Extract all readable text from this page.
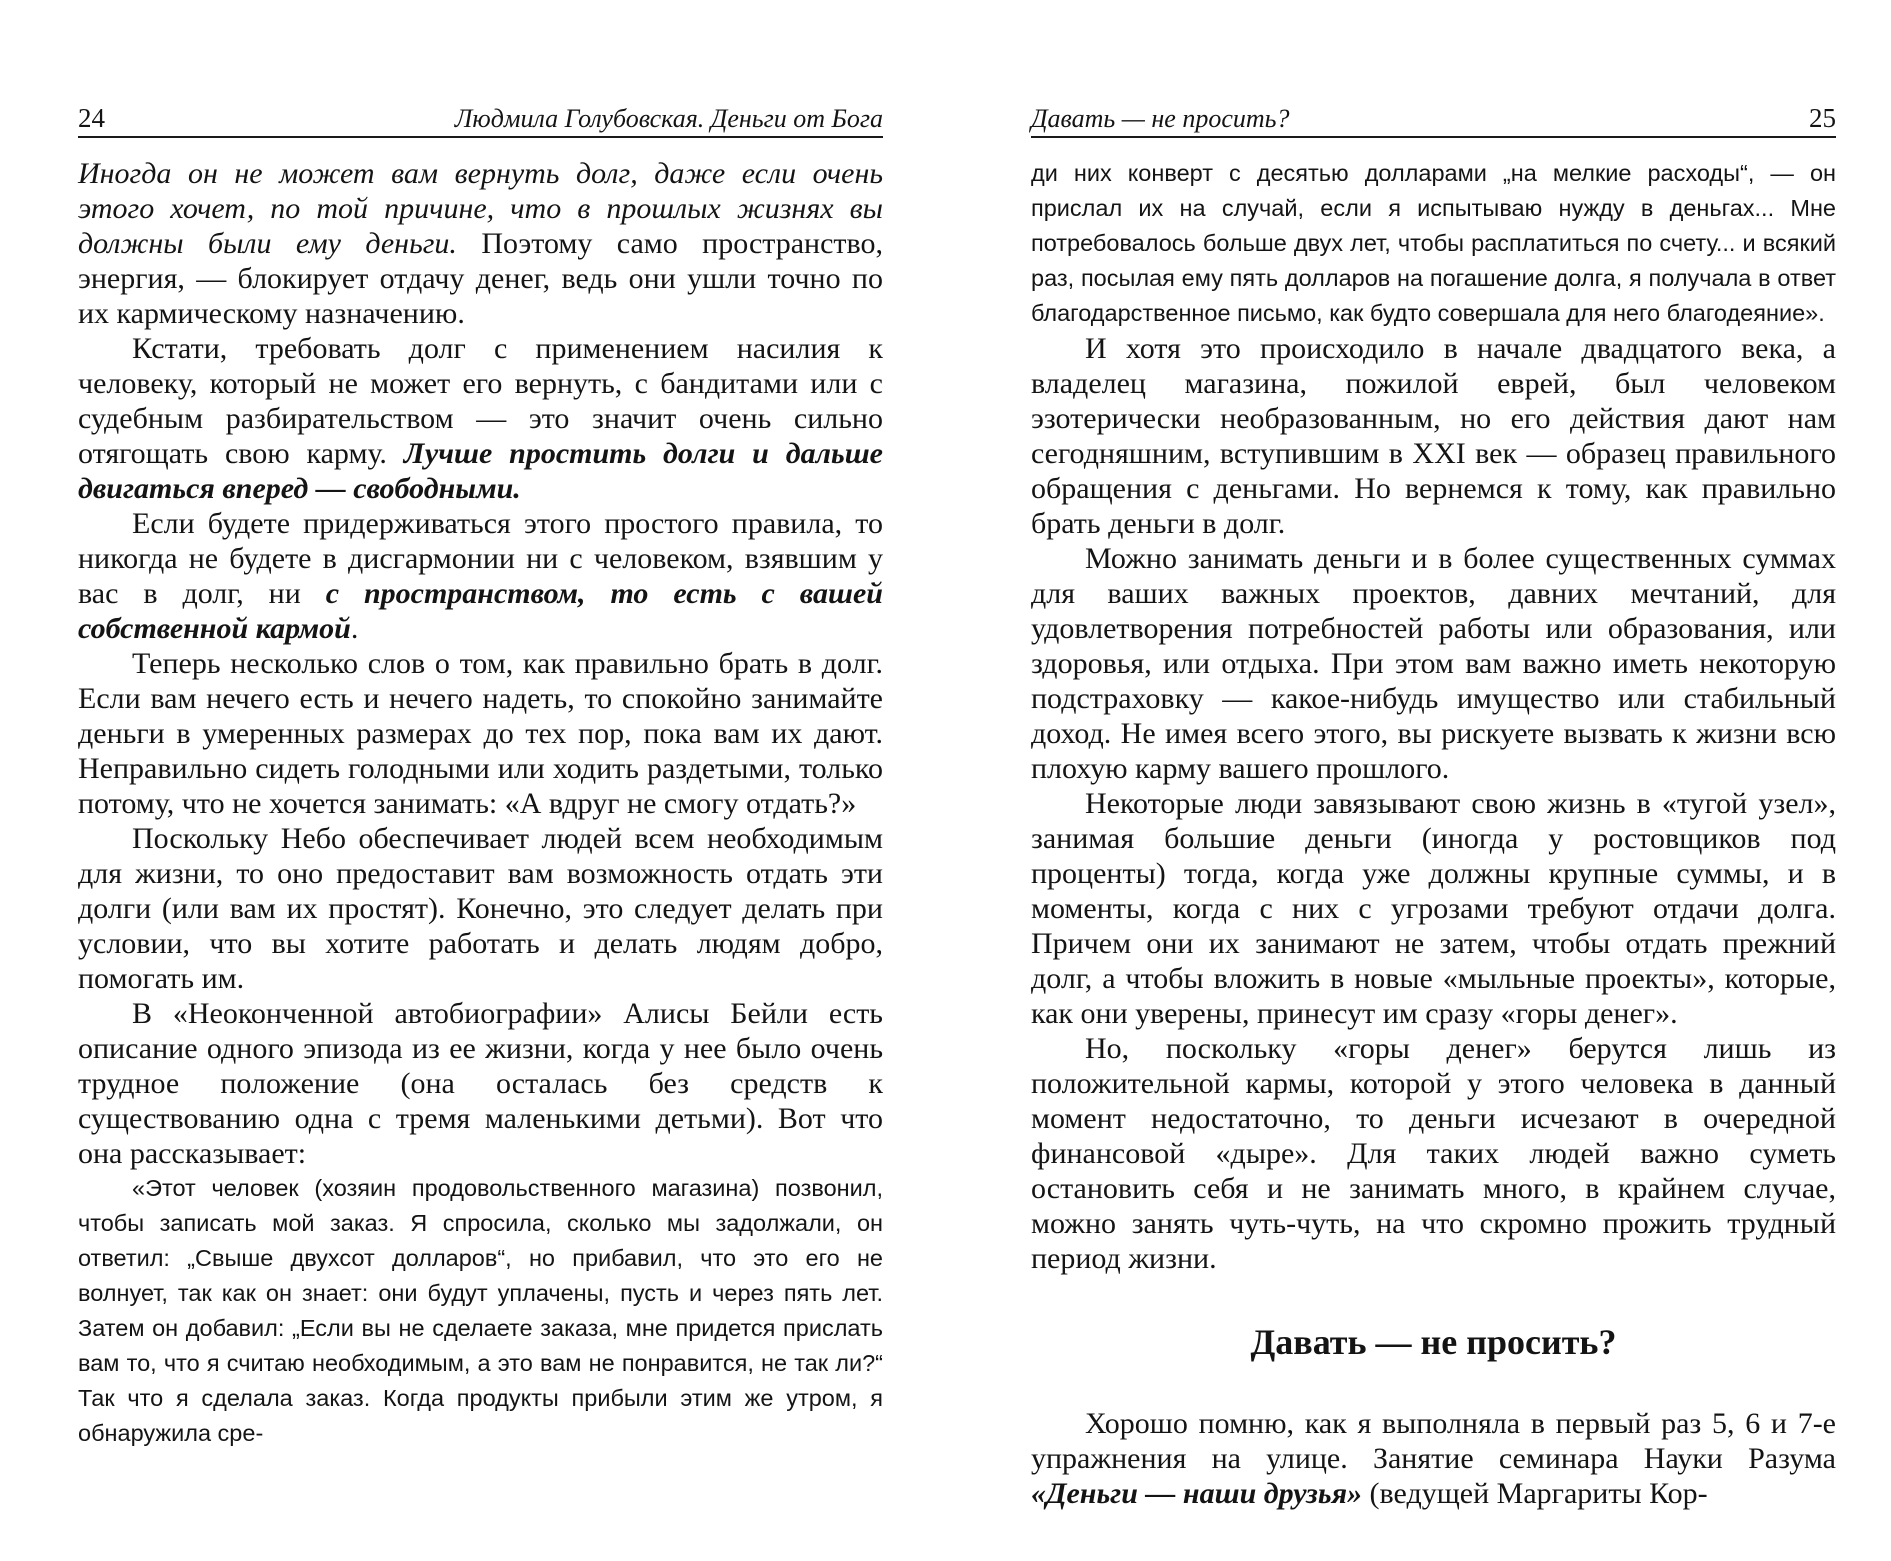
24	Людмила Голубовская. Деньги от Бога

Иногда он не может вам вернуть долг, даже если очень этого хочет, по той причине, что в прошлых жизнях вы должны были ему деньги. Поэтому само пространство, энергия, — блокирует отдачу денег, ведь они ушли точно по их кармическому назначению.

Кстати, требовать долг с применением насилия к человеку, который не может его вернуть, с бандитами или с судебным разбирательством — это значит очень сильно отягощать свою карму. Лучше простить долги и дальше двигаться вперед — свободными.

Если будете придерживаться этого простого правила, то никогда не будете в дисгармонии ни с человеком, взявшим у вас в долг, ни с пространством, то есть с вашей собственной кармой.

Теперь несколько слов о том, как правильно брать в долг. Если вам нечего есть и нечего надеть, то спокойно занимайте деньги в умеренных размерах до тех пор, пока вам их дают. Неправильно сидеть голодными или ходить раздетыми, только потому, что не хочется занимать: «А вдруг не смогу отдать?»

Поскольку Небо обеспечивает людей всем необходимым для жизни, то оно предоставит вам возможность отдать эти долги (или вам их простят). Конечно, это следует делать при условии, что вы хотите работать и делать людям добро, помогать им.

В «Неоконченной автобиографии» Алисы Бейли есть описание одного эпизода из ее жизни, когда у нее было очень трудное положение (она осталась без средств к существованию одна с тремя маленькими детьми). Вот что она рассказывает:

«Этот человек (хозяин продовольственного магазина) позвонил, чтобы записать мой заказ. Я спросила, сколько мы задолжали, он ответил: „Свыше двухсот долларов“, но прибавил, что это его не волнует, так как он знает: они будут уплачены, пусть и через пять лет. Затем он добавил: „Если вы не сделаете заказа, мне придется прислать вам то, что я считаю необходимым, а это вам не понравится, не так ли?“ Так что я сделала заказ. Когда продукты прибыли этим же утром, я обнаружила сре-

Давать — не просить?	25

ди них конверт с десятью долларами „на мелкие расходы“, — он прислал их на случай, если я испытываю нужду в деньгах... Мне потребовалось больше двух лет, чтобы расплатиться по счету... и всякий раз, посылая ему пять долларов на погашение долга, я получала в ответ благодарственное письмо, как будто совершала для него благодеяние».

И хотя это происходило в начале двадцатого века, а владелец магазина, пожилой еврей, был человеком эзотерически необразованным, но его действия дают нам сегодняшним, вступившим в XXI век — образец правильного обращения с деньгами. Но вернемся к тому, как правильно брать деньги в долг.

Можно занимать деньги и в более существенных суммах для ваших важных проектов, давних мечтаний, для удовлетворения потребностей работы или образования, или здоровья, или отдыха. При этом вам важно иметь некоторую подстраховку — какое-нибудь имущество или стабильный доход. Не имея всего этого, вы рискуете вызвать к жизни всю плохую карму вашего прошлого.

Некоторые люди завязывают свою жизнь в «тугой узел», занимая большие деньги (иногда у ростовщиков под проценты) тогда, когда уже должны крупные суммы, и в моменты, когда с них с угрозами требуют отдачи долга. Причем они их занимают не затем, чтобы отдать прежний долг, а чтобы вложить в новые «мыльные проекты», которые, как они уверены, принесут им сразу «горы денег».

Но, поскольку «горы денег» берутся лишь из положительной кармы, которой у этого человека в данный момент недостаточно, то деньги исчезают в очередной финансовой «дыре». Для таких людей важно суметь остановить себя и не занимать много, в крайнем случае, можно занять чуть-чуть, на что скромно прожить трудный период жизни.

Давать — не просить?

Хорошо помню, как я выполняла в первый раз 5, 6 и 7-е упражнения на улице. Занятие семинара Науки Разума «Деньги — наши друзья» (ведущей Маргариты Кор-
